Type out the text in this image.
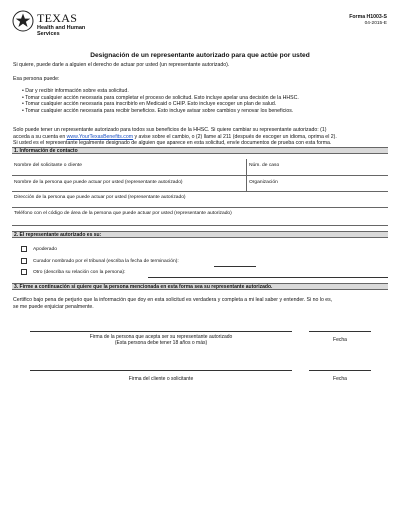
TEXAS
Health and Human
Services
Forma H1003-S
04-2015-E
Designación de un representante autorizado para que actúe por usted
Si quiere, puede darle a alguien el derecho de actuar por usted (un representante autorizado).
Esa persona puede:
• Dar y recibir información sobre esta solicitud.
• Tomar cualquier acción necesaria para completar el proceso de solicitud. Esto incluye apelar una decisión de la HHSC.
• Tomar cualquier acción necesaria para inscribirlo en Medicaid o CHIP. Esto incluye escoger un plan de salud.
• Tomar cualquier acción necesaria para recibir beneficios. Esto incluye avisar sobre cambios y renovar los beneficios.
Solo puede tener un representante autorizado para todos sus beneficios de la HHSC. Si quiere cambiar su representante autorizado: (1)
acceda a su cuenta en www.YourTexasBenefits.com y avise sobre el cambio, o (2) llame al 211 (después de escoger un idioma, oprima el 2).
Si usted es el representante legalmente designado de alguien que aparece en esta solicitud, envíe documentos de prueba con esta forma.
1. Información de contacto
Nombre del solicitante o cliente	Núm. de caso
Nombre de la persona que puede actuar por usted (representante autorizado)	Organización
Dirección de la persona que puede actuar por usted (representante autorizado)
Teléfono con el código de área de la persona que puede actuar por usted (representante autorizado)
2. El representante autorizado es su:
Apoderado
Curador nombrado por el tribunal (escriba la fecha de terminación):
Otro (describa su relación con la persona):
3. Firme a continuación si quiere que la persona mencionada en esta forma sea su representante autorizado.
Certifico bajo pena de perjurio que la información que doy en esta solicitud es verdadera y completa a mi leal saber y entender. Si no lo es,
se me puede enjuiciar penalmente.
Firma de la persona que acepta ser su representante autorizado
(Esta persona debe tener 18 años o más)
Fecha
Firma del cliente o solicitante	Fecha
